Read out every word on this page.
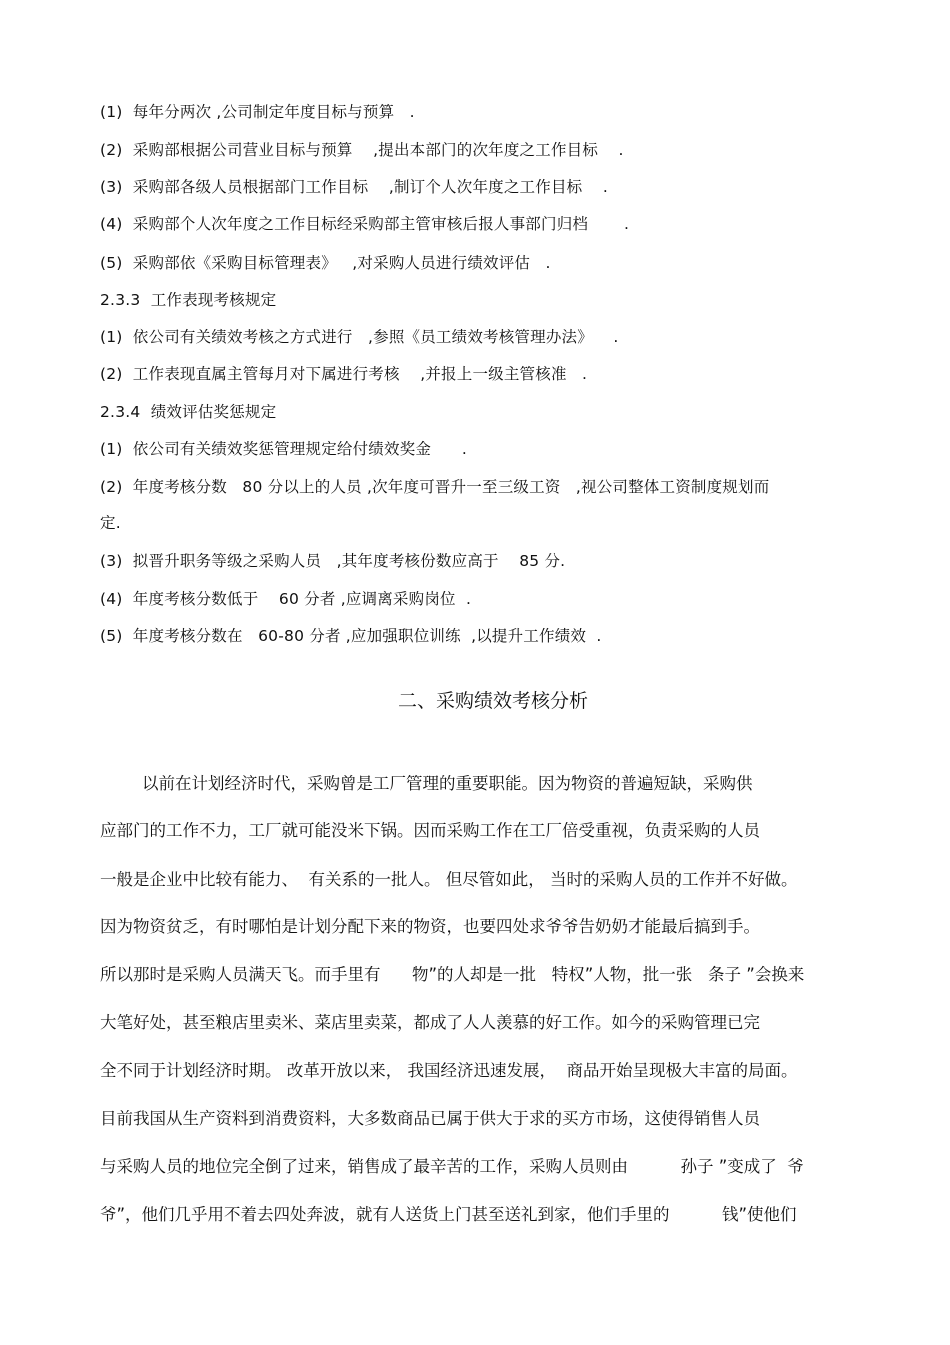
(1)  每年分两次 ,公司制定年度目标与预算   .
(2)  采购部根据公司营业目标与预算    ,提出本部门的次年度之工作目标    .
(3)  采购部各级人员根据部门工作目标    ,制订个人次年度之工作目标    .
(4)  采购部个人次年度之工作目标经采购部主管审核后报人事部门归档       .
(5)  采购部依《采购目标管理表》   ,对采购人员进行绩效评估   .
2.3.3  工作表现考核规定
(1)  依公司有关绩效考核之方式进行   ,参照《员工绩效考核管理办法》    .
(2)  工作表现直属主管每月对下属进行考核    ,并报上一级主管核准   .
2.3.4  绩效评估奖惩规定
(1)  依公司有关绩效奖惩管理规定给付绩效奖金      .
(2)  年度考核分数   80 分以上的人员 ,次年度可晋升一至三级工资   ,视公司整体工资制度规划而
定.
(3)  拟晋升职务等级之采购人员   ,其年度考核份数应高于    85 分.
(4)  年度考核分数低于    60 分者 ,应调离采购岗位  .
(5)  年度考核分数在   60-80 分者 ,应加强职位训练  ,以提升工作绩效  .
二、采购绩效考核分析
以前在计划经济时代，采购曾是工厂管理的重要职能。因为物资的普遍短缺，采购供
应部门的工作不力，工厂就可能没米下锅。因而采购工作在工厂倍受重视，负责采购的人员
一般是企业中比较有能力、  有关系的一批人。 但尽管如此， 当时的采购人员的工作并不好做。
因为物资贫乏，有时哪怕是计划分配下来的物资，也要四处求爷爷告奶奶才能最后搞到手。
所以那时是采购人员满天飞。而手里有      物”的人却是一批   特权”人物，批一张   条子 ”会换来
大笔好处，甚至粮店里卖米、菜店里卖菜，都成了人人羡慕的好工作。如今的采购管理已完
全不同于计划经济时期。 改革开放以来， 我国经济迅速发展，  商品开始呈现极大丰富的局面。
目前我国从生产资料到消费资料，大多数商品已属于供大于求的买方市场，这使得销售人员
与采购人员的地位完全倒了过来，销售成了最辛苦的工作，采购人员则由          孙子 ”变成了  爷
爷”，他们几乎用不着去四处奔波，就有人送货上门甚至送礼到家，他们手里的          钱”使他们
